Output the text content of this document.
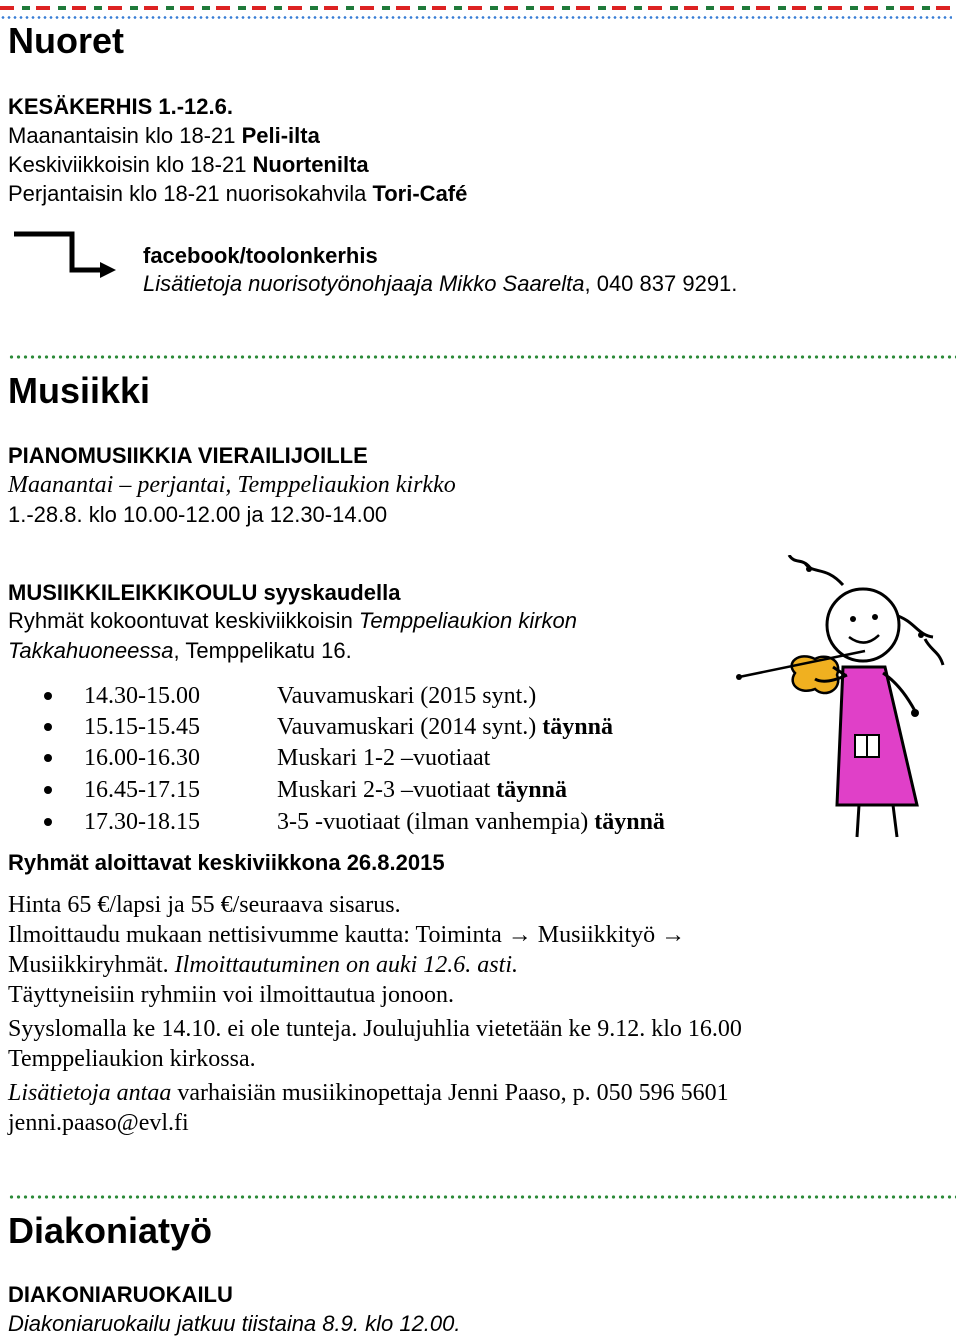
Nuoret
KESÄKERHIS 1.-12.6.
Maanantaisin klo 18-21 Peli-ilta
Keskiviikkoisin klo 18-21 Nuortenilta
Perjantaisin klo 18-21 nuorisokahvila Tori-Café
facebook/toolonkerhis
Lisätietoja nuorisotyönohjaaja Mikko Saarelta, 040 837 9291.
Musiikki
PIANOMUSIIKKIA VIERAILIJOILLE
Maanantai – perjantai, Temppeliaukion kirkko
1.-28.8. klo 10.00-12.00 ja 12.30-14.00
MUSIIKKILEIKKIKOULU syyskaudella
Ryhmät kokoontuvat keskiviikkoisin Temppeliaukion kirkon
Takkahuoneessa, Temppelikatu 16.
14.30-15.00	Vauvamuskari (2015 synt.)
15.15-15.45	Vauvamuskari (2014 synt.) täynnä
16.00-16.30	Muskari 1-2 –vuotiaat
16.45-17.15	Muskari 2-3 –vuotiaat täynnä
17.30-18.15	3-5 -vuotiaat (ilman vanhempia) täynnä
Ryhmät aloittavat keskiviikkona 26.8.2015
Hinta 65 €/lapsi ja 55 €/seuraava sisarus.
Ilmoittaudu mukaan nettisivumme kautta: Toiminta → Musiikkityö →
Musiikkiryhmät. Ilmoittautuminen on auki 12.6. asti.
Täyttyneisiin ryhmiin voi ilmoittautua jonoon.
Syyslomalla ke 14.10. ei ole tunteja. Joulujuhlia vietetään ke 9.12. klo 16.00
Temppeliaukion kirkossa.
Lisätietoja antaa varhaisiän musiikinopettaja Jenni Paaso, p. 050 596 5601
jenni.paaso@evl.fi
Diakoniatyö
DIAKONIARUOKAILU
Diakoniaruokailu jatkuu tiistaina 8.9. klo 12.00.
